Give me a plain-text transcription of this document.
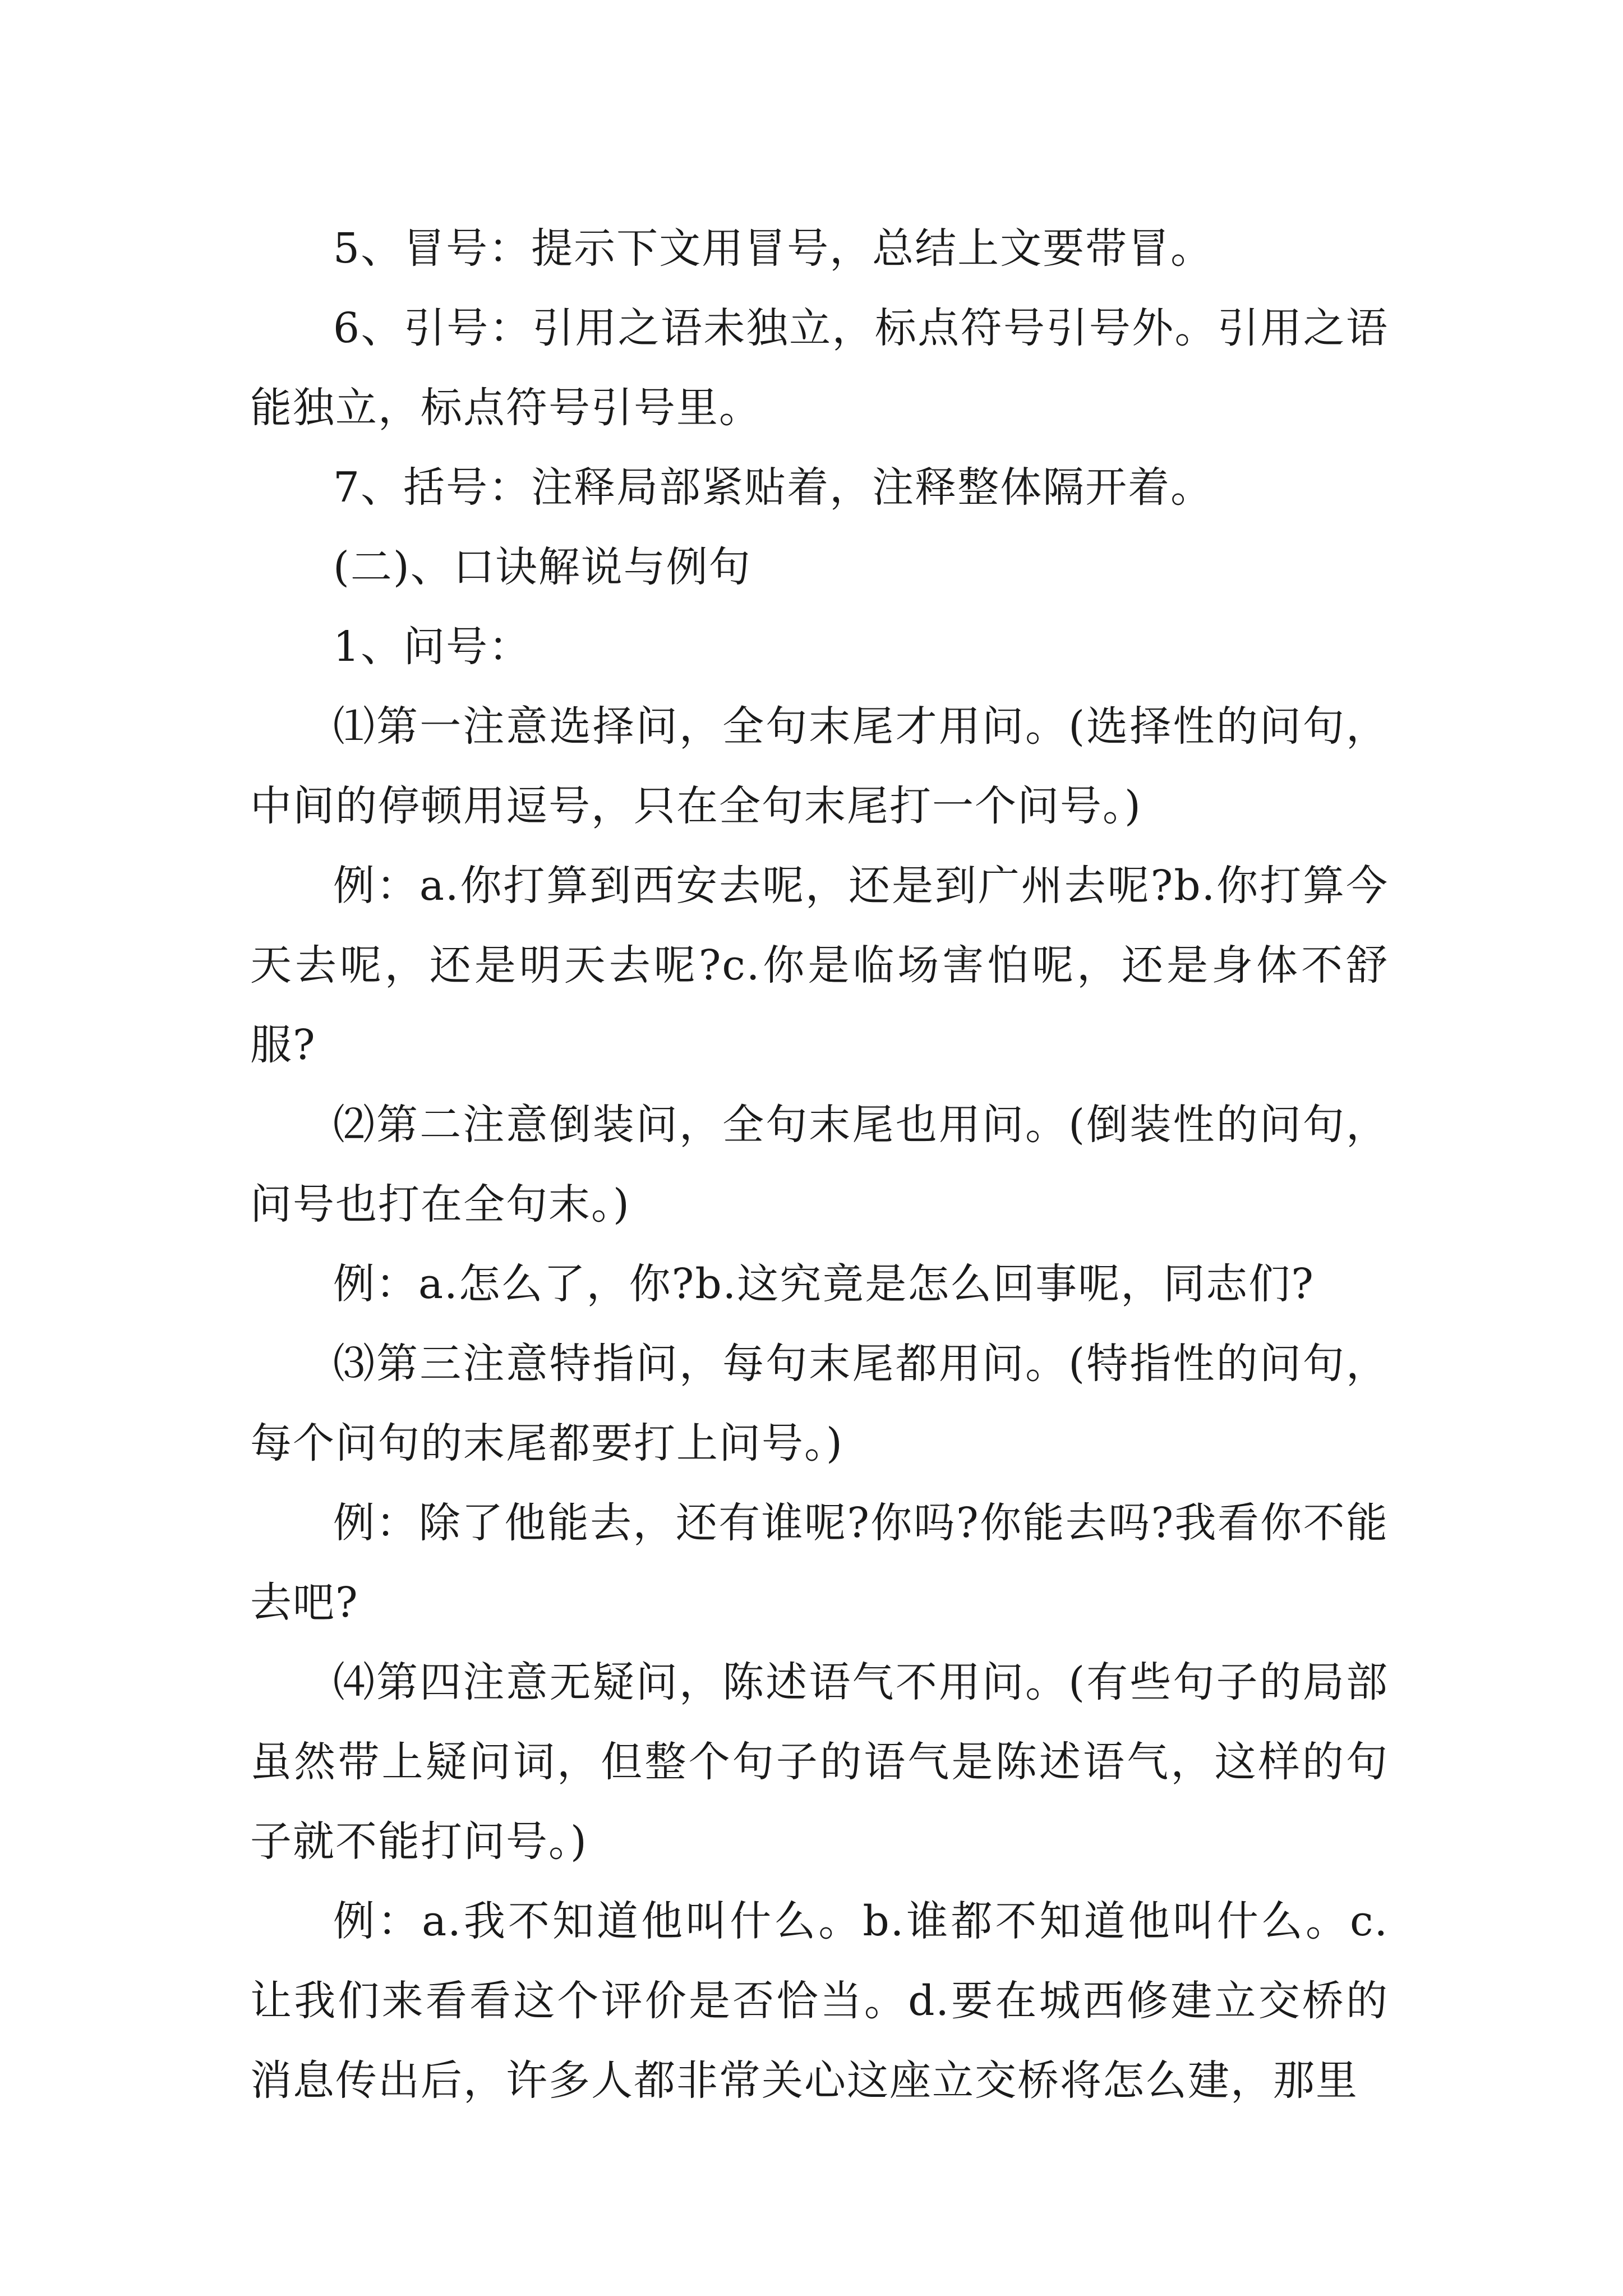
5、冒号：提示下文用冒号，总结上文要带冒。

6、引号：引用之语未独立，标点符号引号外。引用之语能独立，标点符号引号里。

7、括号：注释局部紧贴着，注释整体隔开着。

(二)、口诀解说与例句

1、问号：

⑴第一注意选择问，全句末尾才用问。(选择性的问句，中间的停顿用逗号，只在全句末尾打一个问号。)

例：a.你打算到西安去呢，还是到广州去呢?b.你打算今天去呢，还是明天去呢?c.你是临场害怕呢，还是身体不舒服?

⑵第二注意倒装问，全句末尾也用问。(倒装性的问句，问号也打在全句末。)

例：a.怎么了，你?b.这究竟是怎么回事呢，同志们?

⑶第三注意特指问，每句末尾都用问。(特指性的问句，每个问句的末尾都要打上问号。)

例：除了他能去，还有谁呢?你吗?你能去吗?我看你不能去吧?

⑷第四注意无疑问，陈述语气不用问。(有些句子的局部虽然带上疑问词，但整个句子的语气是陈述语气，这样的句子就不能打问号。)

例：a.我不知道他叫什么。b.谁都不知道他叫什么。c.让我们来看看这个评价是否恰当。d.要在城西修建立交桥的消息传出后，许多人都非常关心这座立交桥将怎么建，那里
